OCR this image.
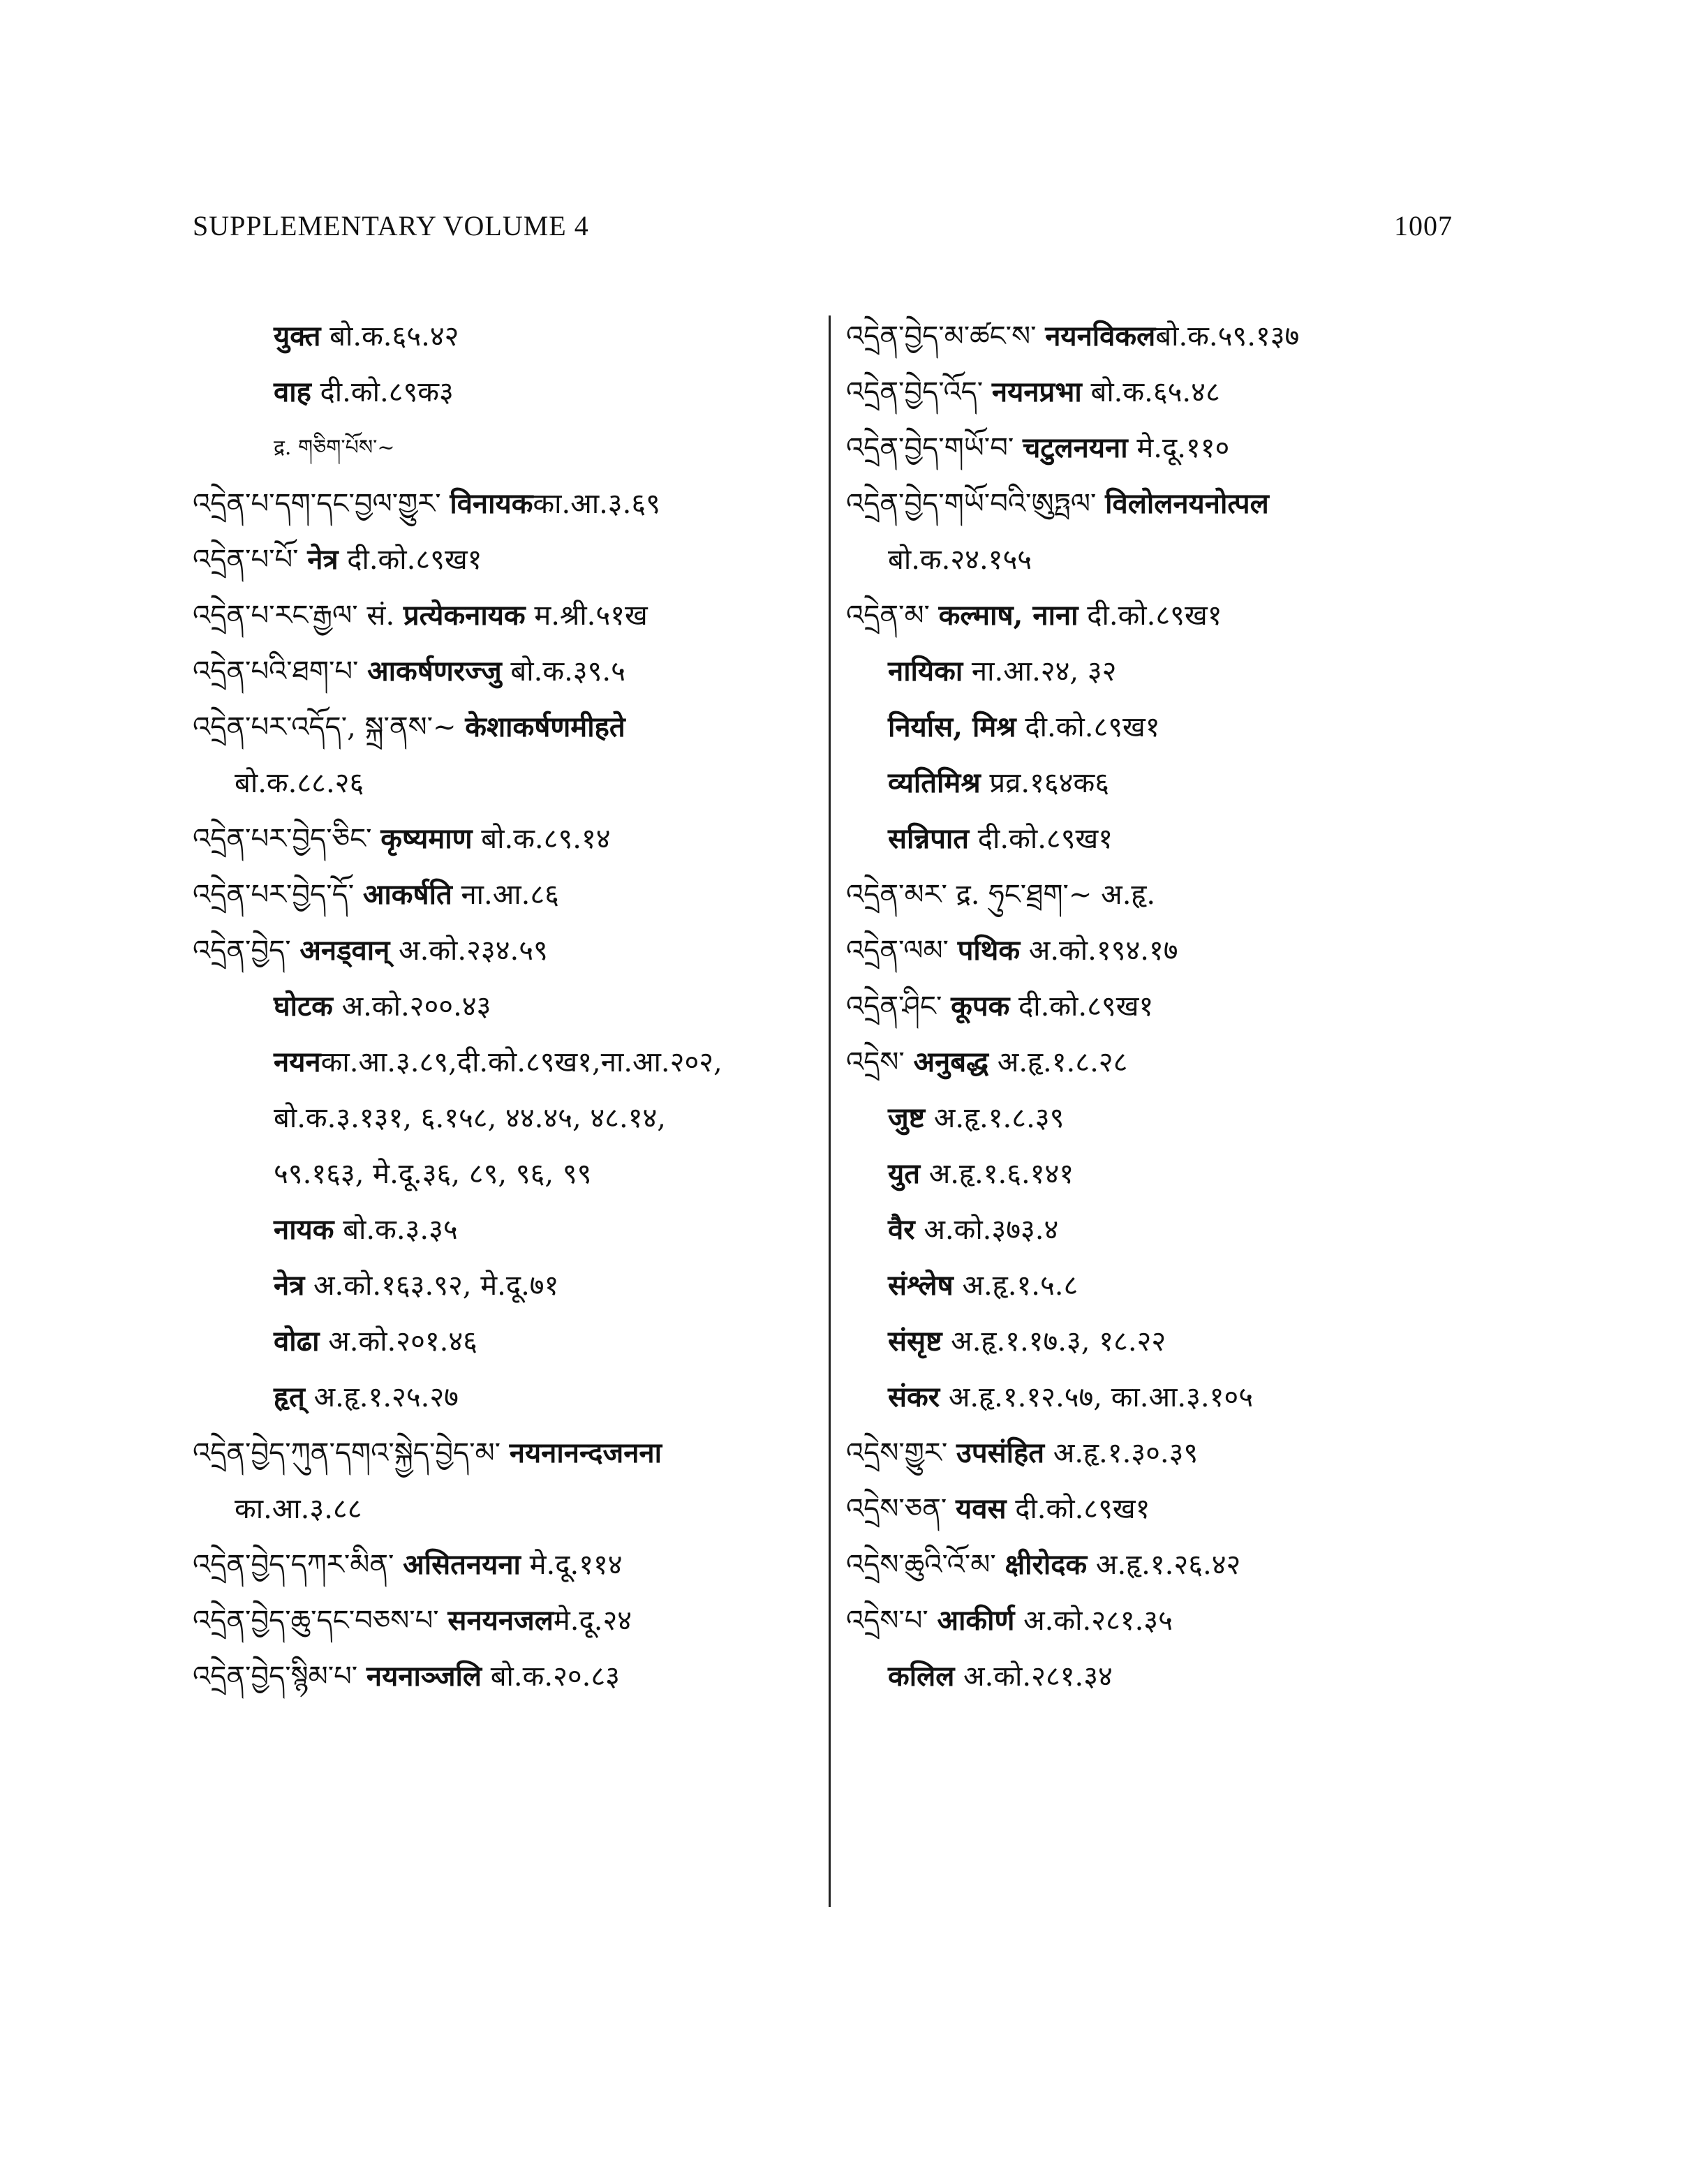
SUPPLEMENTARY VOLUME 4	1007
युक्त बो.क.६५.४२
वाह दी.को.८९क३
द्र. གཅིག་པོས་~
འདྲེན་པ་དག་དང་བྱལ་གྱུར་ विनायकका.आ.३.६९
འདྲེན་པ་པོ་ नेत्र दी.को.८९ख१
འདྲེན་པ་རང་རྒྱལ་ सं. प्रत्येकनायक म.श्री.५१ख
འདྲེན་པའི་ཐག་པ་ आकर्षणरज्जु बो.क.३९.५
འདྲེན་པར་འདོད་, སྐྲ་ནས་~ केशाकर्षणमीहते
बो.क.८८.२६
འདྲེན་པར་བྱེད་ཅིང་ कृष्यमाण बो.क.८९.१४
འདྲེན་པར་བྱེད་དོ་ आकर्षति ना.आ.८६
འདྲེན་བྱེད་ अनड्वान् अ.को.२३४.५९
घोटक अ.को.२००.४३
नयनका.आ.३.८९,दी.को.८९ख१,ना.आ.२०२,
बो.क.३.१३१, ६.१५८, ४४.४५, ४८.१४,
५९.१६३, मे.दू.३६, ८९, ९६, ९९
नायक बो.क.३.३५
नेत्र अ.को.१६३.९२, मे.दू.७१
वोढा अ.को.२०१.४६
हृत् अ.हृ.१.२५.२७
འདྲེན་བྱེད་ཀུན་དགའ་སྐྱེད་བྱེད་མ་ नयनानन्दजनना
का.आ.३.८८
འདྲེན་བྱེད་དཀར་མིན་ असितनयना मे.दू.११४
འདྲེན་བྱེད་ཆུ་དང་བཅས་པ་ सनयनजलमे.दू.२४
འདྲེན་བྱེད་སྙིམ་པ་ नयनाञ्जलि बो.क.२०.८३
འདྲེན་བྱེད་མ་ཚང་ས་ नयनविकलबो.क.५९.१३७
འདྲེན་བྱེད་འོད་ नयनप्रभा बो.क.६५.४८
འདྲེན་བྱེད་གཡོ་བ་ चटुलनयना मे.दू.११०
འདྲེན་བྱེད་གཡོ་བའི་ཨུཏྤལ་ विलोलनयनोत्पल
बो.क.२४.१५५
འདྲེན་མ་ कल्माष, नाना दी.को.८९ख१
नायिका ना.आ.२४, ३२
निर्यास, मिश्र दी.को.८९ख१
व्यतिमिश्र प्रव्र.१६४क६
सन्निपात दी.को.८९ख१
འདྲེན་མར་ द्र. ཧུང་ཐྲག་~ अ.हृ.
འདྲེན་ལམ་ पथिक अ.को.१९४.१७
འདྲེན་ཤིང་ कूपक दी.को.८९ख१
འདྲེས་ अनुबद्ध अ.हृ.१.८.२८
जुष्ट अ.हृ.१.८.३९
युत अ.हृ.१.६.१४१
वैर अ.को.३७३.४
संश्लेष अ.हृ.१.५.८
संसृष्ट अ.हृ.१.१७.३, १८.२२
संकर अ.हृ.१.१२.५७, का.आ.३.१०५
འདྲེས་གྱུར་ उपसंहित अ.हृ.१.३०.३९
འདྲེས་ཅན་ यवस दी.को.८९ख१
འདྲེས་ཆུའི་འོ་མ་ क्षीरोदक अ.हृ.१.२६.४२
འདྲེས་པ་ आकीर्ण अ.को.२८१.३५
कलिल अ.को.२८१.३४
